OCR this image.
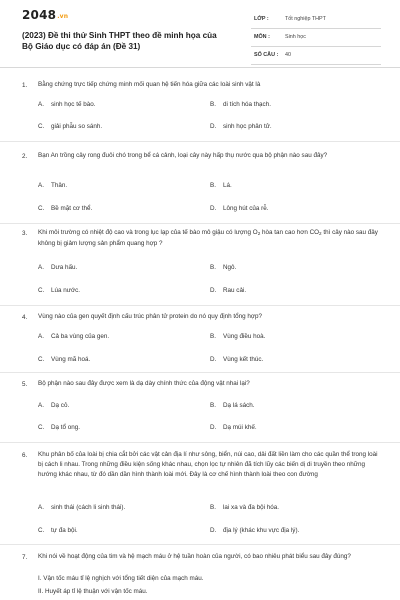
2048.vn
(2023) Đề thi thử Sinh THPT theo đề minh họa của Bộ Giáo dục có đáp án (Đề 31)
LỚP :	Tốt nghiệp THPT
MÔN :	Sinh học
SỐ CÂU : 40
1. Bằng chứng trực tiếp chứng minh mối quan hệ tiến hóa giữa các loài sinh vật là
A. sinh học tế bào.	B. di tích hóa thạch.
C. giải phẫu so sánh.	D. sinh học phân tử.
2. Bạn An trồng cây rong đuôi chó trong bể cá cảnh, loại cây này hấp thụ nước qua bộ phận nào sau đây?
A. Thân.	B. Lá.
C. Bề mặt cơ thể.	D. Lông hút của rễ.
3. Khi môi trường có nhiệt độ cao và trong lục lạp của tế bào mô giậu có lượng $O_2$ hòa tan cao hơn $CO_2$ thì cây nào sau đây không bị giảm lượng sản phẩm quang hợp ?
A. Dưa hấu.	B. Ngô.
C. Lúa nước.	D. Rau cải.
4. Vùng nào của gen quyết định cấu trúc phân tử protein do nó quy định tổng hợp?
A. Cả ba vùng của gen.	B. Vùng điều hoà.
C. Vùng mã hoá.	D. Vùng kết thúc.
5. Bộ phận nào sau đây được xem là dạ dày chính thức của động vật nhai lại?
A. Dạ cỏ.	B. Dạ lá sách.
C. Dạ tổ ong.	D. Dạ múi khế.
6. Khu phân bố của loài bị chia cắt bởi các vật cản địa lí như sông, biển, núi cao, dải đất liền làm cho các quần thể trong loài bị cách li nhau. Trong những điều kiện sống khác nhau, chọn lọc tự nhiên đã tích lũy các biến dị di truyền theo những hướng khác nhau, từ đó dần dần hình thành loài mới. Đây là cơ chế hình thành loài theo con đường
A. sinh thái (cách li sinh thái).	B. lai xa và đa bội hóa.
C. tự đa bội.	D. địa lý (khác khu vực địa lý).
7. Khi nói về hoạt động của tim và hệ mạch máu ở hệ tuần hoàn của người, có bao nhiêu phát biểu sau đây đúng?
I. Vận tốc máu tỉ lệ nghịch với tổng tiết diện của mạch máu.
II. Huyết áp tỉ lệ thuận với vận tốc máu.
